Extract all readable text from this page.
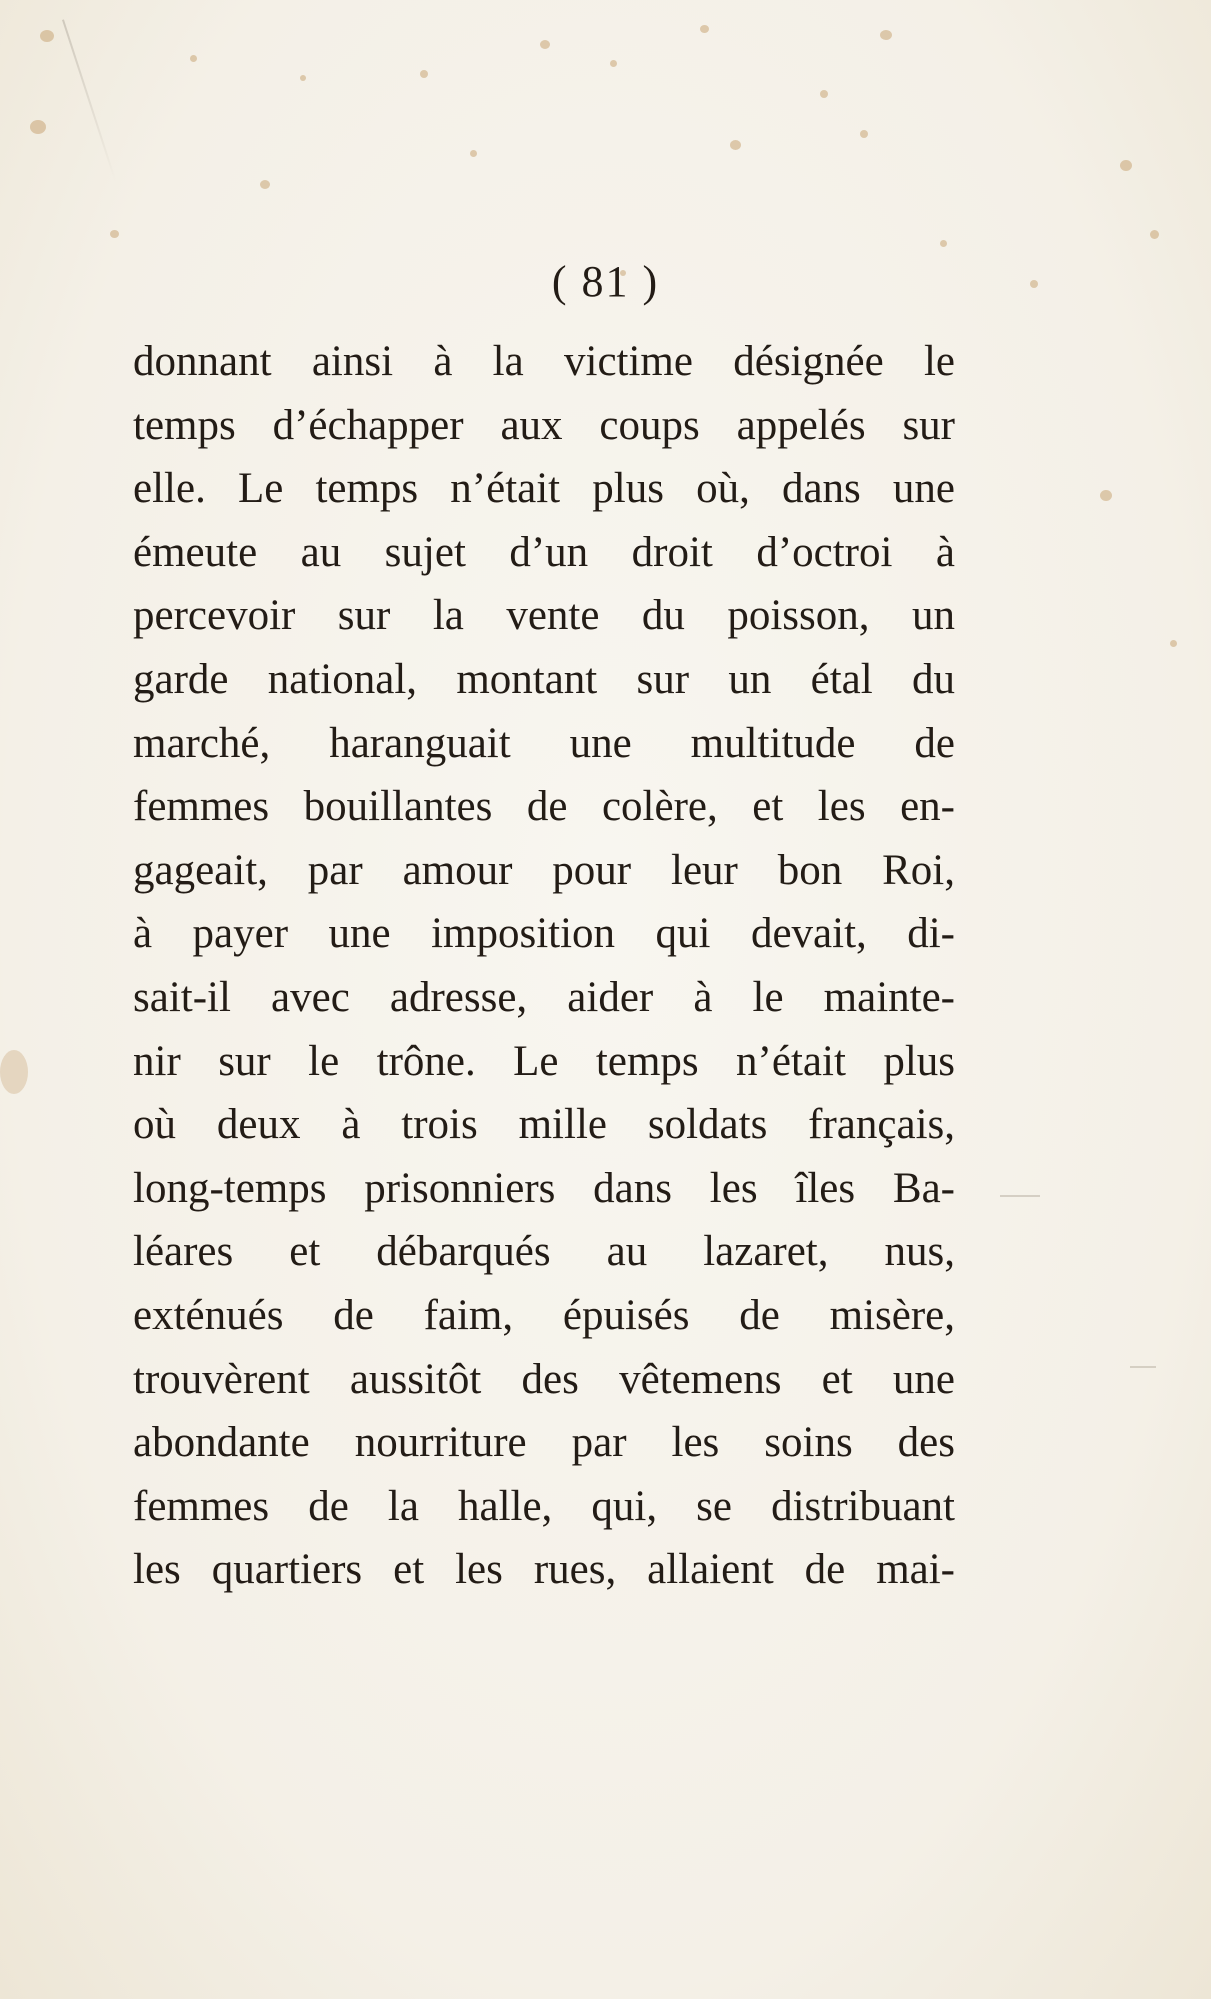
( 81 )
donnant ainsi à la victime désignée le
temps d’échapper aux coups appelés sur
elle. Le temps n’était plus où, dans une
émeute au sujet d’un droit d’octroi à
percevoir sur la vente du poisson, un
garde national, montant sur un étal du
marché, haranguait une multitude de
femmes bouillantes de colère, et les en-
gageait, par amour pour leur bon Roi,
à payer une imposition qui devait, di-
sait-il avec adresse, aider à le mainte-
nir sur le trône. Le temps n’était plus
où deux à trois mille soldats français,
long-temps prisonniers dans les îles Ba-
léares et débarqués au lazaret, nus,
exténués de faim, épuisés de misère,
trouvèrent aussitôt des vêtemens et une
abondante nourriture par les soins des
femmes de la halle, qui, se distribuant
les quartiers et les rues, allaient de mai-
